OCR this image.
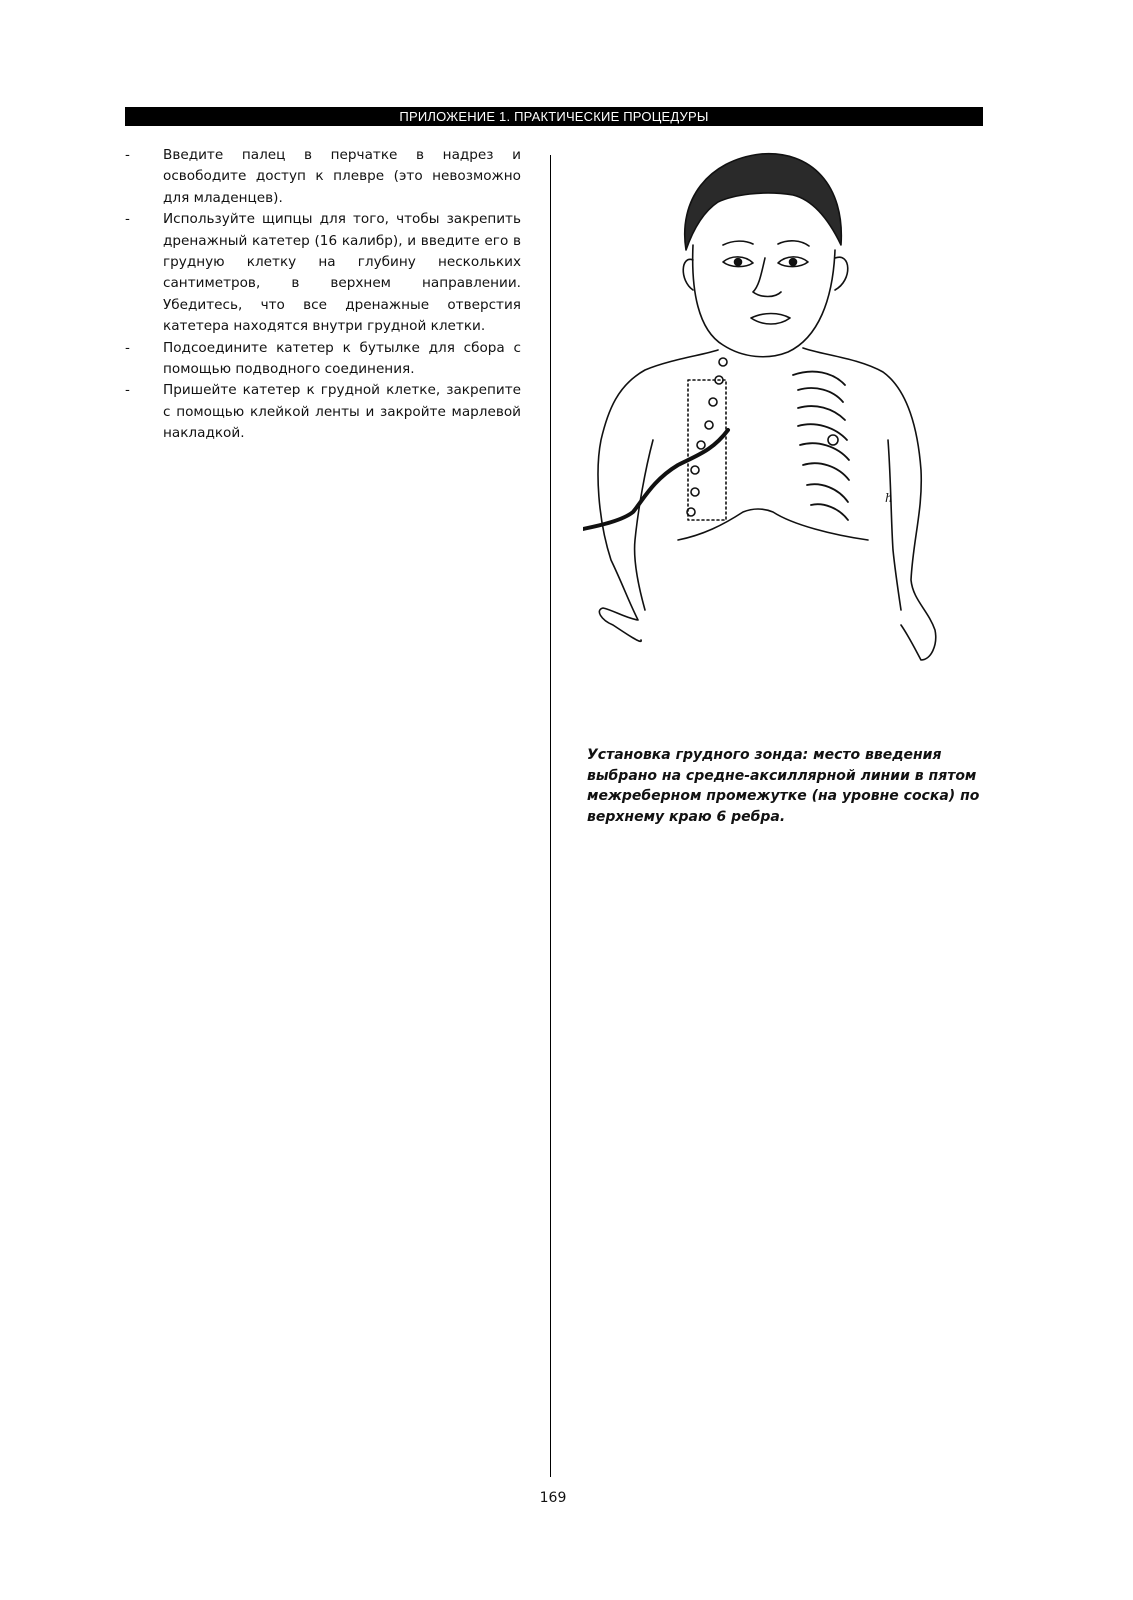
ПРИЛОЖЕНИЕ 1. ПРАКТИЧЕСКИЕ ПРОЦЕДУРЫ
- Введите палец в перчатке в надрез и освободите доступ к плевре (это невозможно для младенцев).
- Используйте щипцы для того, чтобы закрепить дренажный катетер (16 калибр), и введите его в грудную клетку на глубину нескольких сантиметров, в верхнем направлении. Убедитесь, что все дренажные отверстия катетера находятся внутри грудной клетки.
- Подсоедините катетер к бутылке для сбора с помощью подводного соединения.
- Пришейте катетер к грудной клетке, закрепите с помощью клейкой ленты и закройте марлевой накладкой.
h
Установка грудного зонда: место введения выбрано на средне-аксиллярной линии в пятом межреберном промежутке (на уровне соска) по верхнему краю 6 ребра.
169
